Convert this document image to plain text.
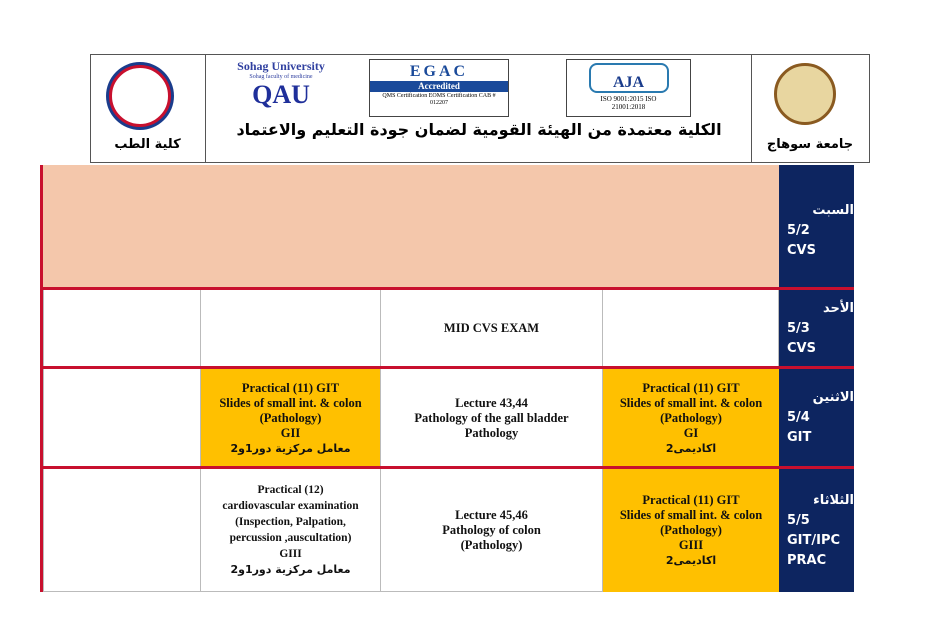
كلية الطب
Sohag University
Sohag faculty of medicine
QAU
EGAC
Accredited
QMS Certification EOMS Certification CAB # 012207
AJA
ISO 9001:2015 ISO 21001:2018
الكلية معتمدة من الهيئة القومية لضمان جودة التعليم والاعتماد
جامعة سوهاج
السبت
5/2
CVS
MID CVS EXAM
الأحد
5/3
CVS
Practical (11) GIT
Slides of small int. & colon
(Pathology)
GII
معامل مركزية دور1و2
Lecture 43,44
Pathology of the gall bladder
Pathology
Practical (11) GIT
Slides of small int. & colon
(Pathology)
GI
اكاديمى2
الاثنين
5/4
GIT
Practical (12)
cardiovascular examination
(Inspection, Palpation,
percussion ,auscultation)
GIII
معامل مركزية دور1و2
Lecture 45,46
Pathology of colon
(Pathology)
Practical (11) GIT
Slides of small int. & colon
(Pathology)
GIII
اكاديمى2
الثلاثاء
5/5
GIT/IPC
PRAC
